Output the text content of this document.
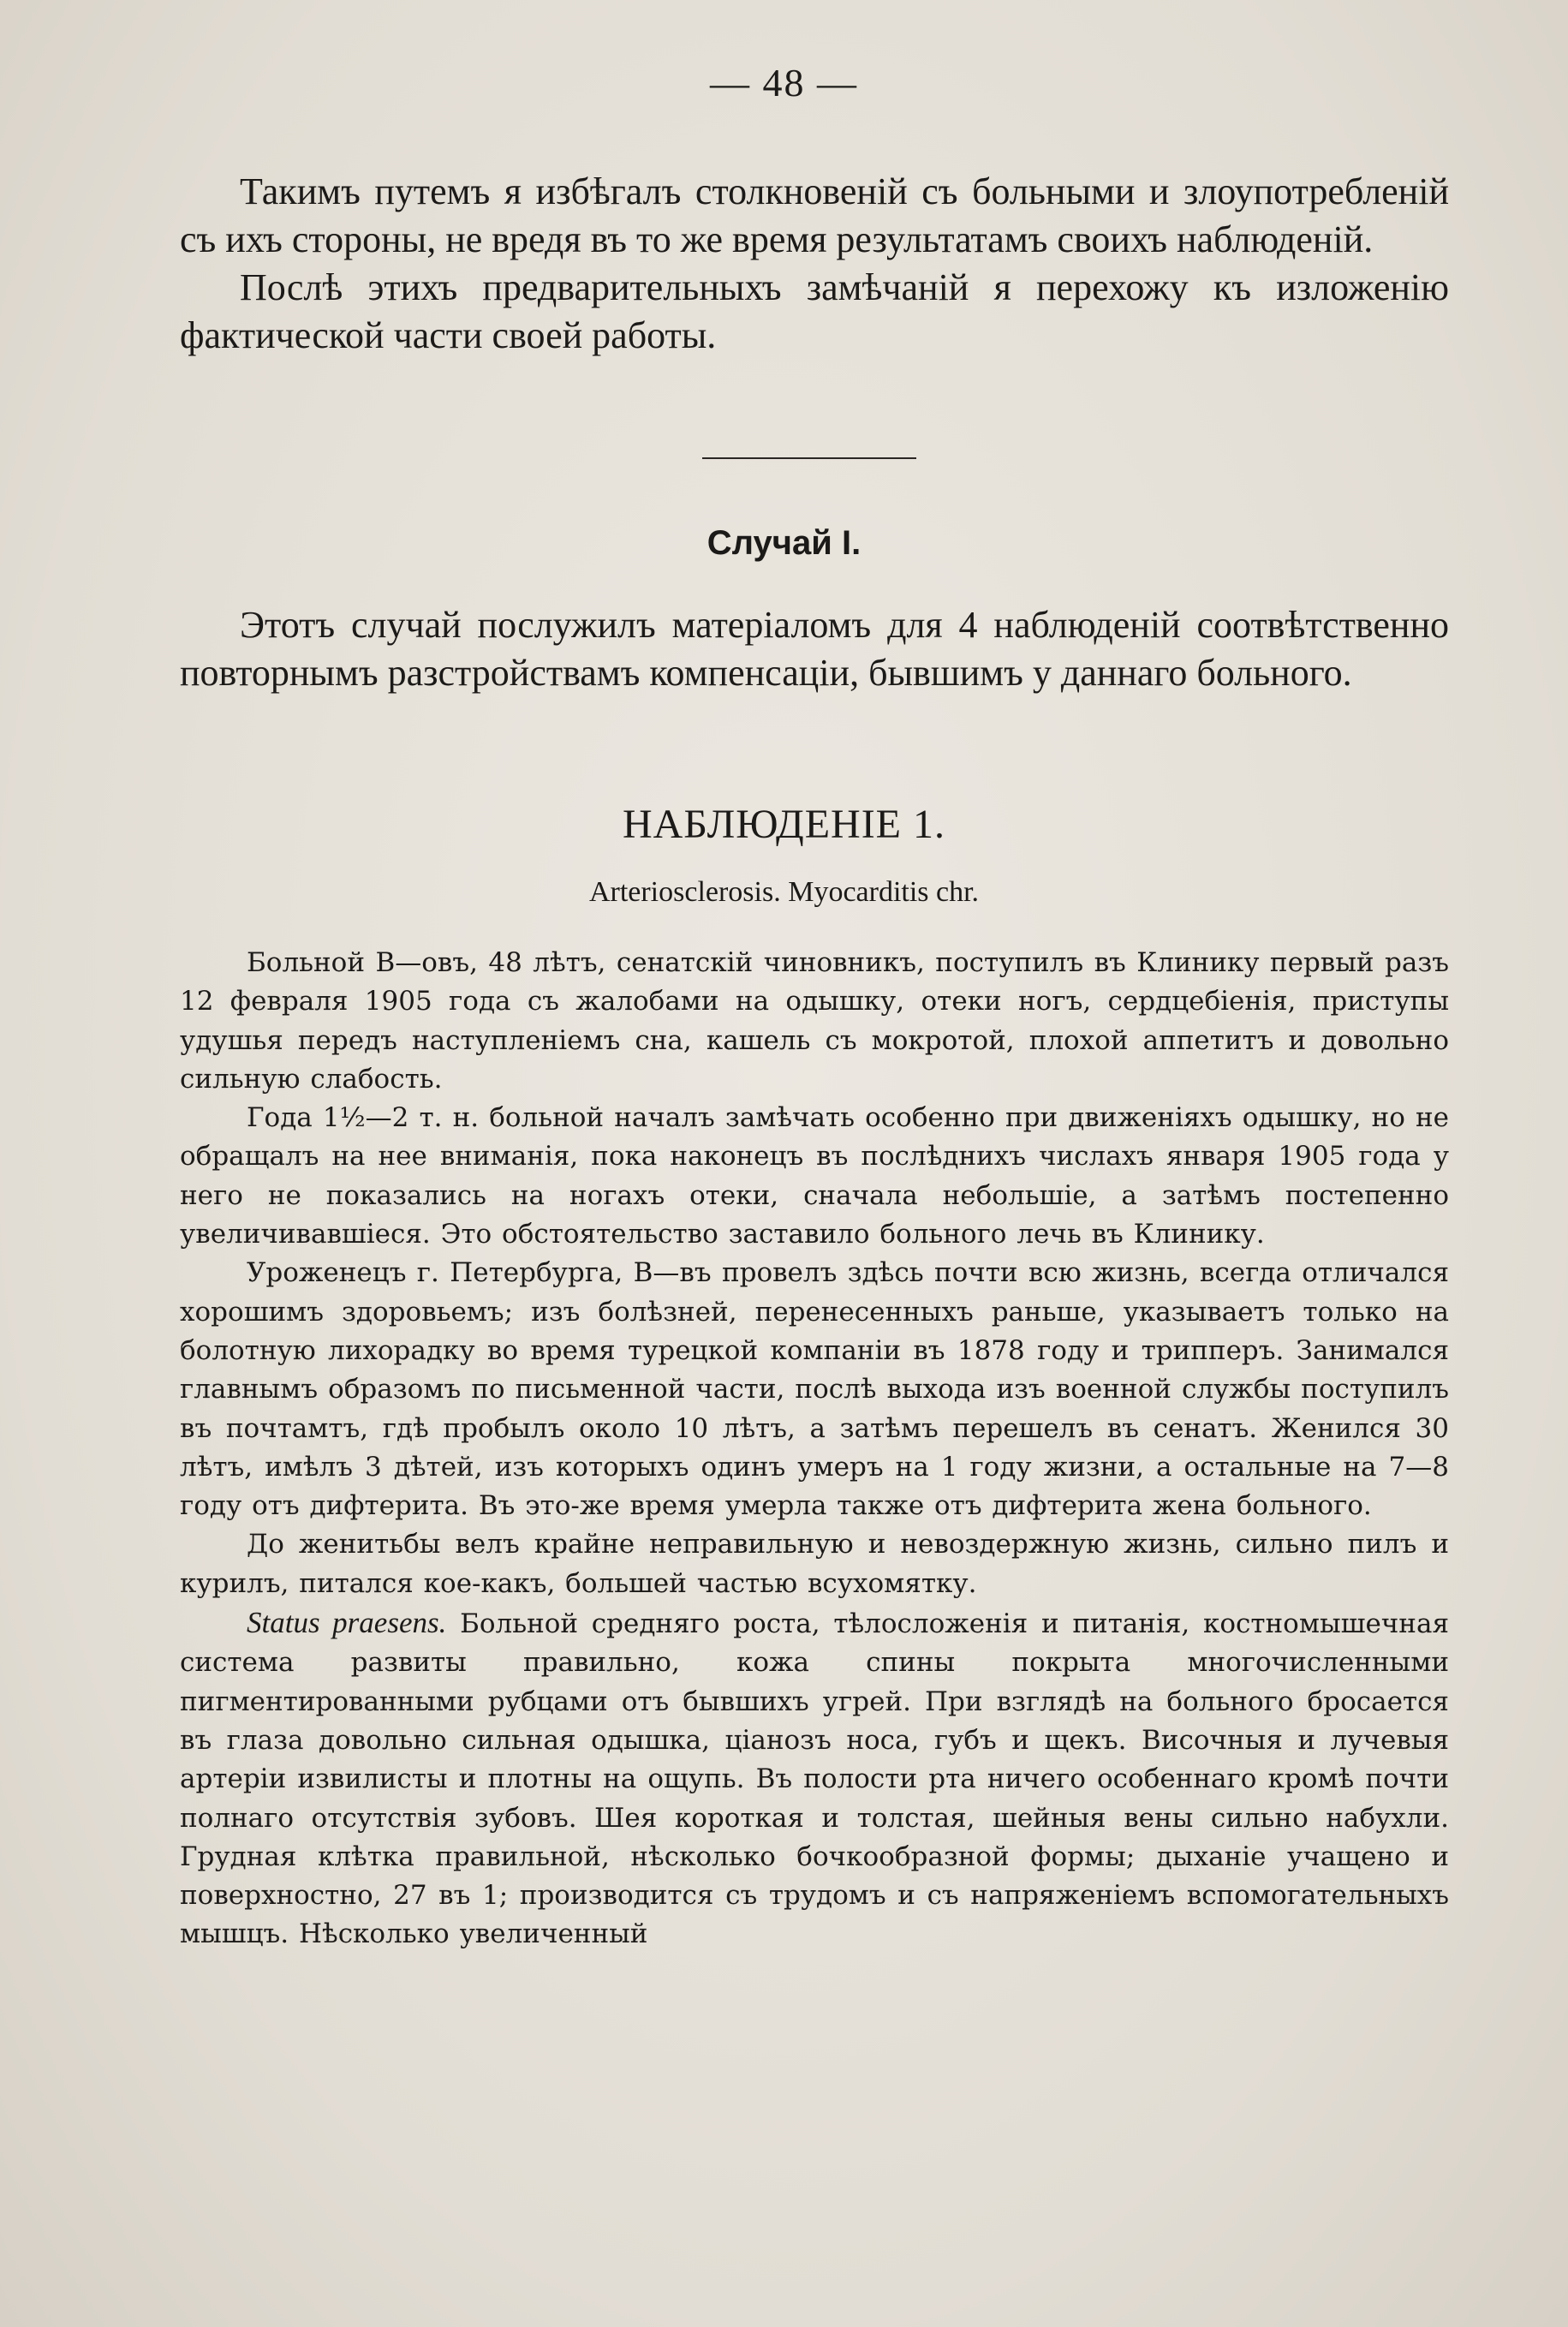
— 48 —

Такимъ путемъ я избѣгалъ столкновеній съ больными и злоупотребленій съ ихъ стороны, не вредя въ то же время результатамъ своихъ наблюденій.

Послѣ этихъ предварительныхъ замѣчаній я перехожу къ изложенію фактической части своей работы.

Случай I.

Этотъ случай послужилъ матеріаломъ для 4 наблюденій соотвѣтственно повторнымъ разстройствамъ компенсаціи, бывшимъ у даннаго больного.

НАБЛЮДЕНІЕ 1.
Arteriosclerosis. Myocarditis chr.

Больной В—овъ, 48 лѣтъ, сенатскій чиновникъ, поступилъ въ Клинику первый разъ 12 февраля 1905 года съ жалобами на одышку, отеки ногъ, сердцебіенія, приступы удушья передъ наступленіемъ сна, кашель съ мокротой, плохой аппетитъ и довольно сильную слабость.

Года 1½—2 т. н. больной началъ замѣчать особенно при движеніяхъ одышку, но не обращалъ на нее вниманія, пока наконецъ въ послѣднихъ числахъ января 1905 года у него не показались на ногахъ отеки, сначала небольшіе, а затѣмъ постепенно увеличивавшіеся. Это обстоятельство заставило больного лечь въ Клинику.

Уроженецъ г. Петербурга, В—въ провелъ здѣсь почти всю жизнь, всегда отличался хорошимъ здоровьемъ; изъ болѣзней, перенесенныхъ раньше, указываетъ только на болотную лихорадку во время турецкой компаніи въ 1878 году и трипперъ. Занимался главнымъ образомъ по письменной части, послѣ выхода изъ военной службы поступилъ въ почтамтъ, гдѣ пробылъ около 10 лѣтъ, а затѣмъ перешелъ въ сенатъ. Женился 30 лѣтъ, имѣлъ 3 дѣтей, изъ которыхъ одинъ умеръ на 1 году жизни, а остальные на 7—8 году отъ дифтерита. Въ это-же время умерла также отъ дифтерита жена больного.

До женитьбы велъ крайне неправильную и невоздержную жизнь, сильно пилъ и курилъ, питался кое-какъ, большей частью всухомятку.

Status praesens. Больной средняго роста, тѣлосложенія и питанія, костномышечная система развиты правильно, кожа спины покрыта многочисленными пигментированными рубцами отъ бывшихъ угрей. При взглядѣ на больного бросается въ глаза довольно сильная одышка, ціанозъ носа, губъ и щекъ. Височныя и лучевыя артеріи извилисты и плотны на ощупь. Въ полости рта ничего особеннаго кромѣ почти полнаго отсутствія зубовъ. Шея короткая и толстая, шейныя вены сильно набухли. Грудная клѣтка правильной, нѣсколько бочкообразной формы; дыханіе учащено и поверхностно, 27 въ 1; производится съ трудомъ и съ напряженіемъ вспомогательныхъ мышцъ. Нѣсколько увеличенный
